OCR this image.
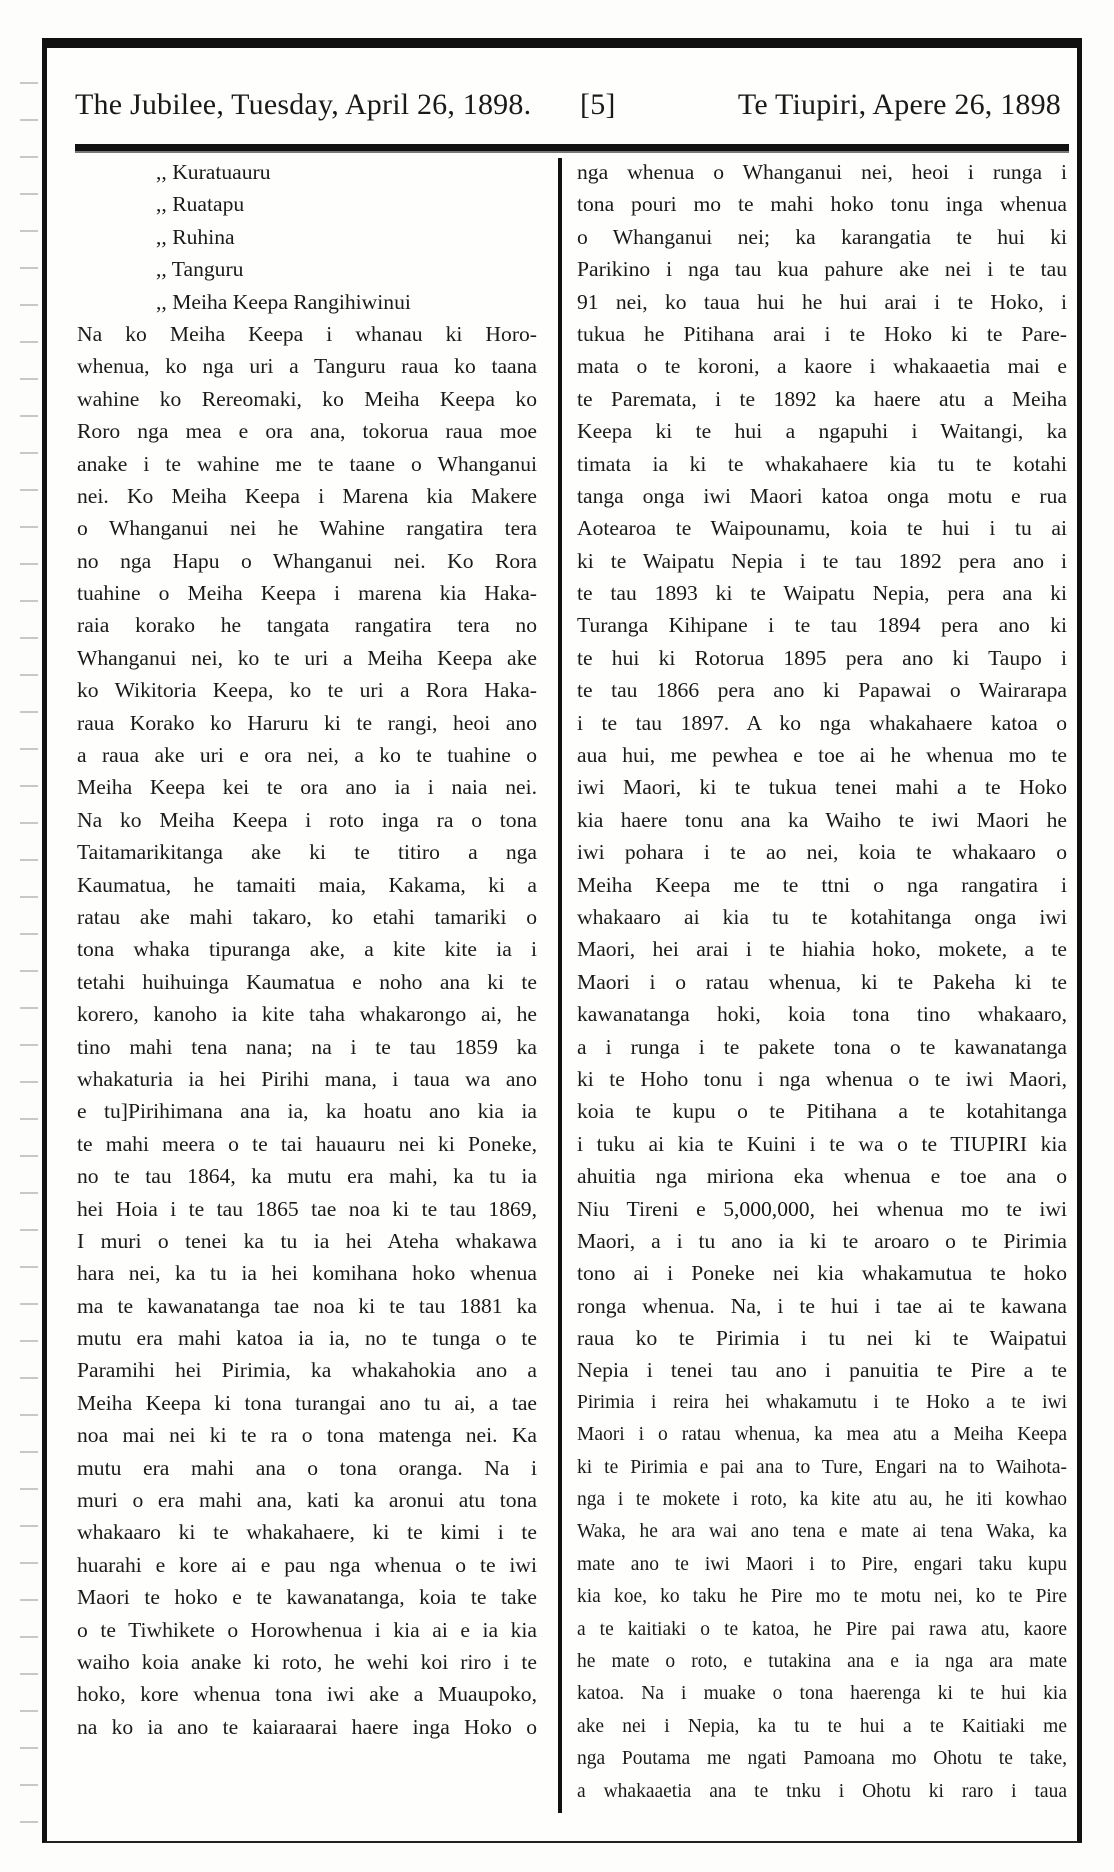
The Jubilee, Tuesday, April 26, 1898. [5]	Te Tiupiri, Apere 26, 1898
,, Kuratuauru
,, Ruatapu
,, Ruhina
,, Tanguru
,, Meiha Keepa Rangihiwinui
Na ko Meiha Keepa i whanau ki Horo-
whenua, ko nga uri a Tanguru raua ko taana
wahine ko Rereomaki, ko Meiha Keepa ko
Roro nga mea e ora ana, tokorua raua moe
anake i te wahine me te taane o Whanganui
nei. Ko Meiha Keepa i Marena kia Makere
o Whanganui nei he Wahine rangatira tera
no nga Hapu o Whanganui nei. Ko Rora
tuahine o Meiha Keepa i marena kia Haka-
raia korako he tangata rangatira tera no
Whanganui nei, ko te uri a Meiha Keepa ake
ko Wikitoria Keepa, ko te uri a Rora Haka-
raua Korako ko Haruru ki te rangi, heoi ano
a raua ake uri e ora nei, a ko te tuahine o
Meiha Keepa kei te ora ano ia i naia nei.
Na ko Meiha Keepa i roto inga ra o tona
Taitamarikitanga ake ki te titiro a nga
Kaumatua, he tamaiti maia, Kakama, ki a
ratau ake mahi takaro, ko etahi tamariki o
tona whaka tipuranga ake, a kite kite ia i
tetahi huihuinga Kaumatua e noho ana ki te
korero, kanoho ia kite taha whakarongo ai, he
tino mahi tena nana; na i te tau 1859 ka
whakaturia ia hei Pirihi mana, i taua wa ano
e tu]Pirihimana ana ia, ka hoatu ano kia ia
te mahi meera o te tai hauauru nei ki Poneke,
no te tau 1864, ka mutu era mahi, ka tu ia
hei Hoia i te tau 1865 tae noa ki te tau 1869,
I muri o tenei ka tu ia hei Ateha whakawa
hara nei, ka tu ia hei komihana hoko whenua
ma te kawanatanga tae noa ki te tau 1881 ka
mutu era mahi katoa ia ia, no te tunga o te
Paramihi hei Pirimia, ka whakahokia ano a
Meiha Keepa ki tona turangai ano tu ai, a tae
noa mai nei ki te ra o tona matenga nei. Ka
mutu era mahi ana o tona oranga. Na i
muri o era mahi ana, kati ka aronui atu tona
whakaaro ki te whakahaere, ki te kimi i te
huarahi e kore ai e pau nga whenua o te iwi
Maori te hoko e te kawanatanga, koia te take
o te Tiwhikete o Horowhenua i kia ai e ia kia
waiho koia anake ki roto, he wehi koi riro i te
hoko, kore whenua tona iwi ake a Muaupoko,
na ko ia ano te kaiaraarai haere inga Hoko o
nga whenua o Whanganui nei, heoi i runga i
tona pouri mo te mahi hoko tonu inga whenua
o Whanganui nei; ka karangatia te hui ki
Parikino i nga tau kua pahure ake nei i te tau
91 nei, ko taua hui he hui arai i te Hoko, i
tukua he Pitihana arai i te Hoko ki te Pare-
mata o te koroni, a kaore i whakaaetia mai e
te Paremata, i te 1892 ka haere atu a Meiha
Keepa ki te hui a ngapuhi i Waitangi, ka
timata ia ki te whakahaere kia tu te kotahi
tanga onga iwi Maori katoa onga motu e rua
Aotearoa te Waipounamu, koia te hui i tu ai
ki te Waipatu Nepia i te tau 1892 pera ano i
te tau 1893 ki te Waipatu Nepia, pera ana ki
Turanga Kihipane i te tau 1894 pera ano ki
te hui ki Rotorua 1895 pera ano ki Taupo i
te tau 1866 pera ano ki Papawai o Wairarapa
i te tau 1897. A ko nga whakahaere katoa o
aua hui, me pewhea e toe ai he whenua mo te
iwi Maori, ki te tukua tenei mahi a te Hoko
kia haere tonu ana ka Waiho te iwi Maori he
iwi pohara i te ao nei, koia te whakaaro o
Meiha Keepa me te ttni o nga rangatira i
whakaaro ai kia tu te kotahitanga onga iwi
Maori, hei arai i te hiahia hoko, mokete, a te
Maori i o ratau whenua, ki te Pakeha ki te
kawanatanga hoki, koia tona tino whakaaro,
a i runga i te pakete tona o te kawanatanga
ki te Hoho tonu i nga whenua o te iwi Maori,
koia te kupu o te Pitihana a te kotahitanga
i tuku ai kia te Kuini i te wa o te TIUPIRI kia
ahuitia nga miriona eka whenua e toe ana o
Niu Tireni e 5,000,000, hei whenua mo te iwi
Maori, a i tu ano ia ki te aroaro o te Pirimia
tono ai i Poneke nei kia whakamutua te hoko
ronga whenua. Na, i te hui i tae ai te kawana
raua ko te Pirimia i tu nei ki te Waipatui
Nepia i tenei tau ano i panuitia te Pire a te
Pirimia i reira hei whakamutu i te Hoko a te iwi
Maori i o ratau whenua, ka mea atu a Meiha Keepa
ki te Pirimia e pai ana to Ture, Engari na to Waihota-
nga i te mokete i roto, ka kite atu au, he iti kowhao
Waka, he ara wai ano tena e mate ai tena Waka, ka
mate ano te iwi Maori i to Pire, engari taku kupu
kia koe, ko taku he Pire mo te motu nei, ko te Pire
a te kaitiaki o te katoa, he Pire pai rawa atu, kaore
he mate o roto, e tutakina ana e ia nga ara mate
katoa. Na i muake o tona haerenga ki te hui kia
ake nei i Nepia, ka tu te hui a te Kaitiaki me
nga Poutama me ngati Pamoana mo Ohotu te take,
a whakaaetia ana te tnku i Ohotu ki raro i taua
